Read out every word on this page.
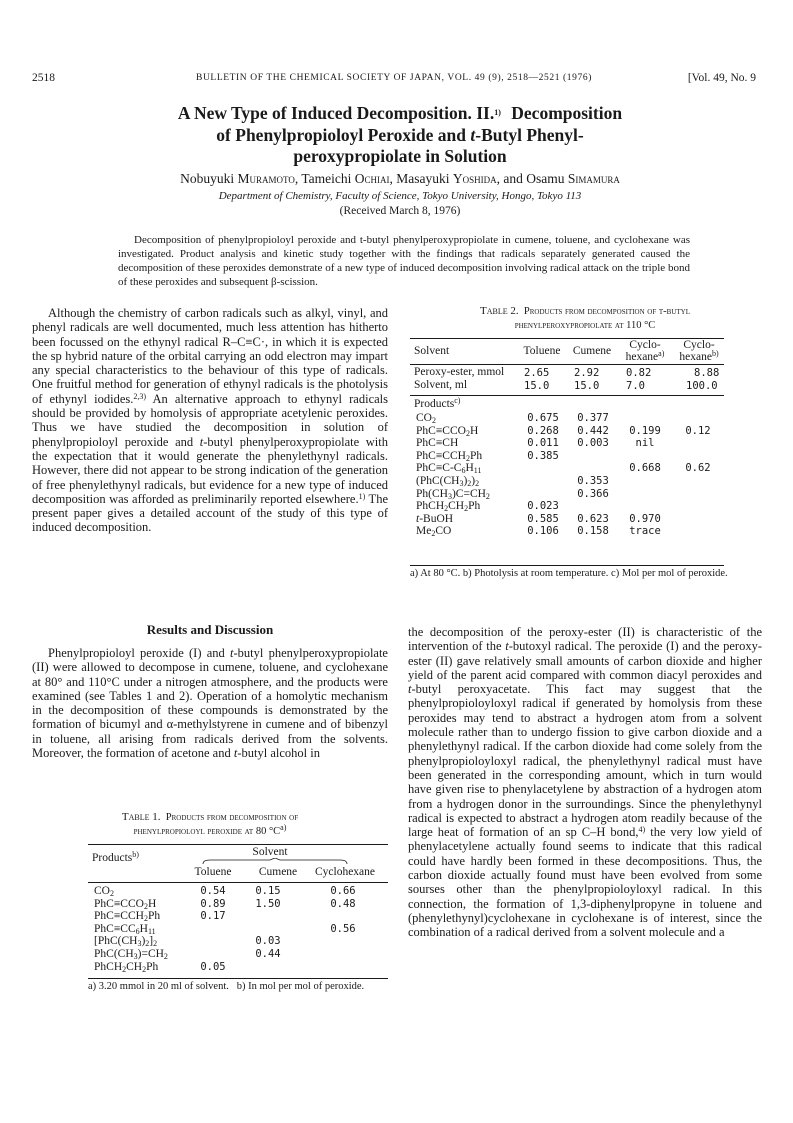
2518	BULLETIN OF THE CHEMICAL SOCIETY OF JAPAN, VOL. 49 (9), 2518—2521 (1976)	[Vol. 49, No. 9
A New Type of Induced Decomposition. II.$^{1)}$ Decomposition
of Phenylpropioloyl Peroxide and t-Butyl Phenyl-
peroxypropiolate in Solution
Nobuyuki Muramoto, Tameichi Ochiai, Masayuki Yoshida, and Osamu Simamura
Department of Chemistry, Faculty of Science, Tokyo University, Hongo, Tokyo 113
(Received March 8, 1976)
Decomposition of phenylpropioloyl peroxide and t-butyl phenylperoxypropiolate in cumene, toluene, and cyclohexane was investigated. Product analysis and kinetic study together with the findings that radicals separately generated caused the decomposition of these peroxides demonstrate of a new type of induced decomposition involving radical attack on the triple bond of these peroxides and subsequent β-scission.

Although the chemistry of carbon radicals such as alkyl, vinyl, and phenyl radicals are well documented, much less attention has hitherto been focussed on the ethynyl radical R–C≡C·, in which it is expected the sp hybrid nature of the orbital carrying an odd electron may impart any special characteristics to the behaviour of this type of radicals. One fruitful method for generation of ethynyl radicals is the photolysis of ethynyl iodides.$^{2,3)}$ An alternative approach to ethynyl radicals should be provided by homolysis of appropriate acetylenic peroxides. Thus we have studied the decomposition in solution of phenylpropioloyl peroxide and t-butyl phenylperoxypropiolate with the expectation that it would generate the phenylethynyl radicals. However, there did not appear to be strong indication of the generation of free phenylethynyl radicals, but evidence for a new type of induced decomposition was afforded as preliminarily reported elsewhere.$^{1)}$ The present paper gives a detailed account of the study of this type of induced decomposition.

Results and Discussion

Phenylpropioloyl peroxide (I) and t-butyl phenylperoxypropiolate (II) were allowed to decompose in cumene, toluene, and cyclohexane at 80° and 110°C under a nitrogen atmosphere, and the products were examined (see Tables 1 and 2). Operation of a homolytic mechanism in the decomposition of these compounds is demonstrated by the formation of bicumyl and α-methylstyrene in cumene and of bibenzyl in toluene, all arising from radicals derived from the solvents. Moreover, the formation of acetone and t-butyl alcohol in

Table 1. Products from decomposition of
phenylpropioloyl peroxide at 80 $^\circ C^{a)}$
Solvent
Products$^{b)}$
Toluene	Cumene	Cyclohexane
$CO_2$	0.54	0.15	0.66
$PhC\equiv CCO_2H$	0.89	1.50	0.48
$PhC\equiv CCH_2Ph$	0.17		
$PhC\equiv CC_6H_{11}$			0.56
$[PhC(CH_3)_2]_2$		0.03	
$PhC(CH_3)=CH_2$		0.44	
$PhCH_2CH_2Ph$	0.05		
a) 3.20 mmol in 20 ml of solvent. b) In mol per mol of peroxide.
Table 2. Products from decomposition of t-butyl
phenylperoxypropiolate at 110 °C
Solvent	Toluene	Cumene	Cyclo-
hexane$^{a)}$
Cyclo-
hexane$^{b)}$
Peroxy-ester, mmol 2.65 2.92	0.82	8.88
Solvent, ml	15.0 15.0	7.0	100.0
Products$^{c)}$
$CO_2$	0.675	0.377		
$PhC\equiv CCO_2H$	0.268	0.442	0.199	0.12
PhC≡CH	0.011	0.003	nil	
$PhC\equiv CCH_2Ph$	0.385			
$PhC\equiv C-C_6H_{11}$			0.668	0.62
$(PhC(CH_3)_2)_2$		0.353		
$Ph(CH_3)C=CH_2$		0.366		
$PhCH_2CH_2Ph$	0.023			
t-BuOH	0.585	0.623	0.970	
$Me_2CO$	0.106	0.158	trace	
a) At 80 °C. b) Photolysis at room temperature. c) Mol per mol of peroxide.

the decomposition of the peroxy-ester (II) is characteristic of the intervention of the t-butoxyl radical. The peroxide (I) and the peroxy-ester (II) gave relatively small amounts of carbon dioxide and higher yield of the parent acid compared with common diacyl peroxides and t-butyl peroxyacetate. This fact may suggest that the phenylpropioloyloxyl radical if generated by homolysis from these peroxides may tend to abstract a hydrogen atom from a solvent molecule rather than to undergo fission to give carbon dioxide and a phenylethynyl radical. If the carbon dioxide had come solely from the phenylpropioloyloxyl radical, the phenylethynyl radical must have been generated in the corresponding amount, which in turn would have given rise to phenylacetylene by abstraction of a hydrogen atom from a hydrogen donor in the surroundings. Since the phenylethynyl radical is expected to abstract a hydrogen atom readily because of the large heat of formation of an sp C–H bond,$^{4)}$ the very low yield of phenylacetylene actually found seems to indicate that this radical could have hardly been formed in these decompositions. Thus, the carbon dioxide actually found must have been evolved from some sourses other than the phenylpropioloyloxyl radical. In this connection, the formation of 1,3-diphenylpropyne in toluene and (phenylethynyl)cyclohexane in cyclohexane is of interest, since the combination of a radical derived from a solvent molecule and a
